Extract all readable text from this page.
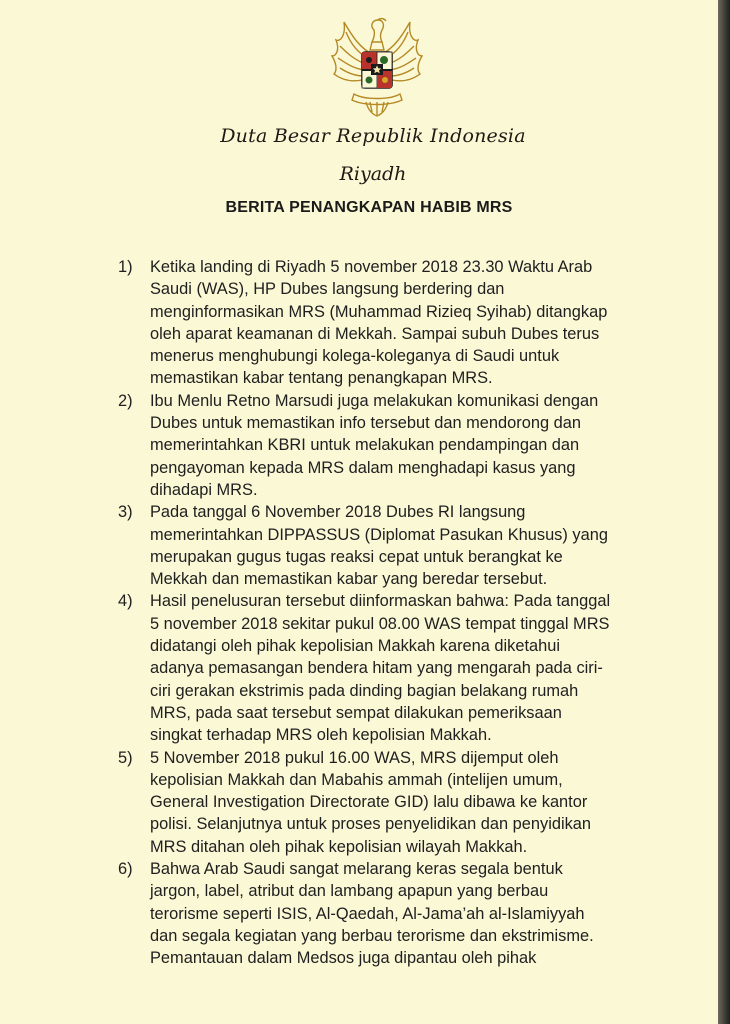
Duta Besar Republik Indonesia
Riyadh
BERITA PENANGKAPAN HABIB MRS
1) Ketika landing di Riyadh 5 november 2018 23.30 Waktu Arab
Saudi (WAS), HP Dubes langsung berdering dan
menginformasikan MRS (Muhammad Rizieq Syihab) ditangkap
oleh aparat keamanan di Mekkah. Sampai subuh Dubes terus
menerus menghubungi kolega-koleganya di Saudi untuk
memastikan kabar tentang penangkapan MRS.
2) Ibu Menlu Retno Marsudi juga melakukan komunikasi dengan
Dubes untuk memastikan info tersebut dan mendorong dan
memerintahkan KBRI untuk melakukan pendampingan dan
pengayoman kepada MRS dalam menghadapi kasus yang
dihadapi MRS.
3) Pada tanggal 6 November 2018 Dubes RI langsung
memerintahkan DIPPASSUS (Diplomat Pasukan Khusus) yang
merupakan gugus tugas reaksi cepat untuk berangkat ke
Mekkah dan memastikan kabar yang beredar tersebut.
4) Hasil penelusuran tersebut diinformaskan bahwa: Pada tanggal
5 november 2018 sekitar pukul 08.00 WAS tempat tinggal MRS
didatangi oleh pihak kepolisian Makkah karena diketahui
adanya pemasangan bendera hitam yang mengarah pada ciri-
ciri gerakan ekstrimis pada dinding bagian belakang rumah
MRS, pada saat tersebut sempat dilakukan pemeriksaan
singkat terhadap MRS oleh kepolisian Makkah.
5) 5 November 2018 pukul 16.00 WAS, MRS dijemput oleh
kepolisian Makkah dan Mabahis ammah (intelijen umum,
General Investigation Directorate GID) lalu dibawa ke kantor
polisi. Selanjutnya untuk proses penyelidikan dan penyidikan
MRS ditahan oleh pihak kepolisian wilayah Makkah.
6) Bahwa Arab Saudi sangat melarang keras segala bentuk
jargon, label, atribut dan lambang apapun yang berbau
terorisme seperti ISIS, Al-Qaedah, Al-Jama’ah al-Islamiyyah
dan segala kegiatan yang berbau terorisme dan ekstrimisme.
Pemantauan dalam Medsos juga dipantau oleh pihak
